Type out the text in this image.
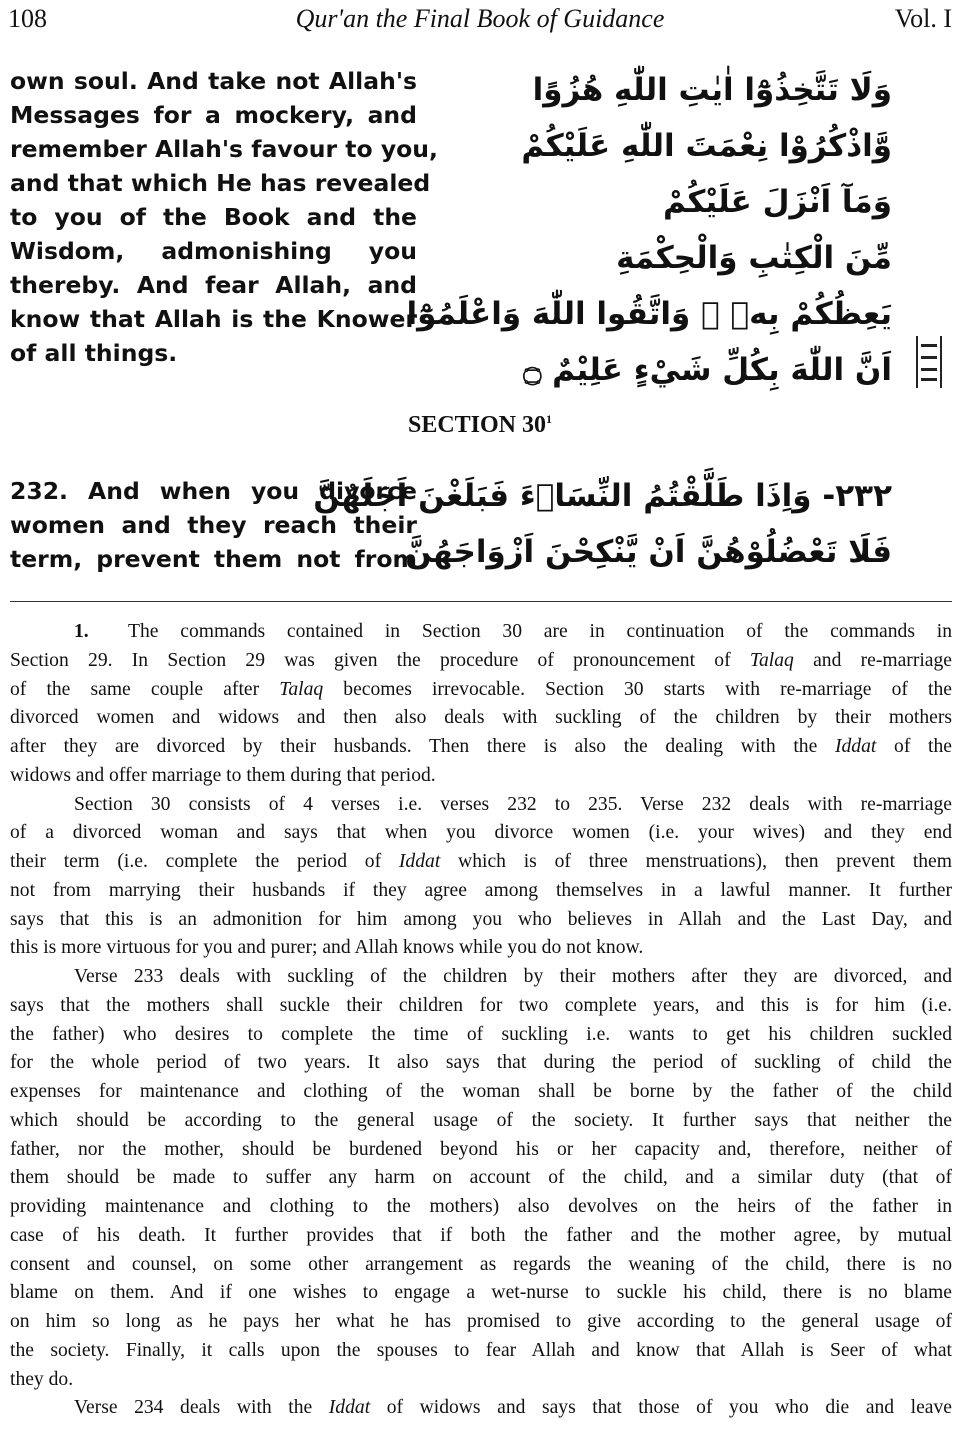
108	Qur'an the Final Book of Guidance	Vol. I
own soul. And take not Allah's
Messages for a mockery, and
remember Allah's favour to you,
and that which He has revealed
to you of the Book and the
Wisdom, admonishing you
thereby. And fear Allah, and
know that Allah is the Knower
of all things.
وَلَا تَتَّخِذُوْٓا اٰيٰتِ اللّٰهِ هُزُوًا
وَّاذْكُرُوْا نِعْمَتَ اللّٰهِ عَلَيْكُمْ
وَمَآ اَنْزَلَ عَلَيْكُمْ
مِّنَ الْكِتٰبِ وَالْحِكْمَةِ
يَعِظُكُمْ بِهٖ ۭ وَاتَّقُوا اللّٰهَ وَاعْلَمُوْٓا
اَنَّ اللّٰهَ بِكُلِّ شَيْءٍ عَلِيْمٌ ۝
SECTION $30^1$
232. And when you divorce
women and they reach their
term, prevent them not from
٢٣٢- وَاِذَا طَلَّقْتُمُ النِّسَاۗءَ فَبَلَغْنَ اَجَلَهُنَّ
فَلَا تَعْضُلُوْھُنَّ اَنْ يَّنْكِحْنَ اَزْوَاجَهُنَّ
1. The commands contained in Section 30 are in continuation of the commands in
Section 29. In Section 29 was given the procedure of pronouncement of Talaq and re-marriage
of the same couple after Talaq becomes irrevocable. Section 30 starts with re-marriage of the
divorced women and widows and then also deals with suckling of the children by their mothers
after they are divorced by their husbands. Then there is also the dealing with the Iddat of the
widows and offer marriage to them during that period.
Section 30 consists of 4 verses i.e. verses 232 to 235. Verse 232 deals with re-marriage
of a divorced woman and says that when you divorce women (i.e. your wives) and they end
their term (i.e. complete the period of Iddat which is of three menstruations), then prevent them
not from marrying their husbands if they agree among themselves in a lawful manner. It further
says that this is an admonition for him among you who believes in Allah and the Last Day, and
this is more virtuous for you and purer; and Allah knows while you do not know.
Verse 233 deals with suckling of the children by their mothers after they are divorced, and
says that the mothers shall suckle their children for two complete years, and this is for him (i.e.
the father) who desires to complete the time of suckling i.e. wants to get his children suckled
for the whole period of two years. It also says that during the period of suckling of child the
expenses for maintenance and clothing of the woman shall be borne by the father of the child
which should be according to the general usage of the society. It further says that neither the
father, nor the mother, should be burdened beyond his or her capacity and, therefore, neither of
them should be made to suffer any harm on account of the child, and a similar duty (that of
providing maintenance and clothing to the mothers) also devolves on the heirs of the father in
case of his death. It further provides that if both the father and the mother agree, by mutual
consent and counsel, on some other arrangement as regards the weaning of the child, there is no
blame on them. And if one wishes to engage a wet-nurse to suckle his child, there is no blame
on him so long as he pays her what he has promised to give according to the general usage of
the society. Finally, it calls upon the spouses to fear Allah and know that Allah is Seer of what
they do.
Verse 234 deals with the Iddat of widows and says that those of you who die and leave
